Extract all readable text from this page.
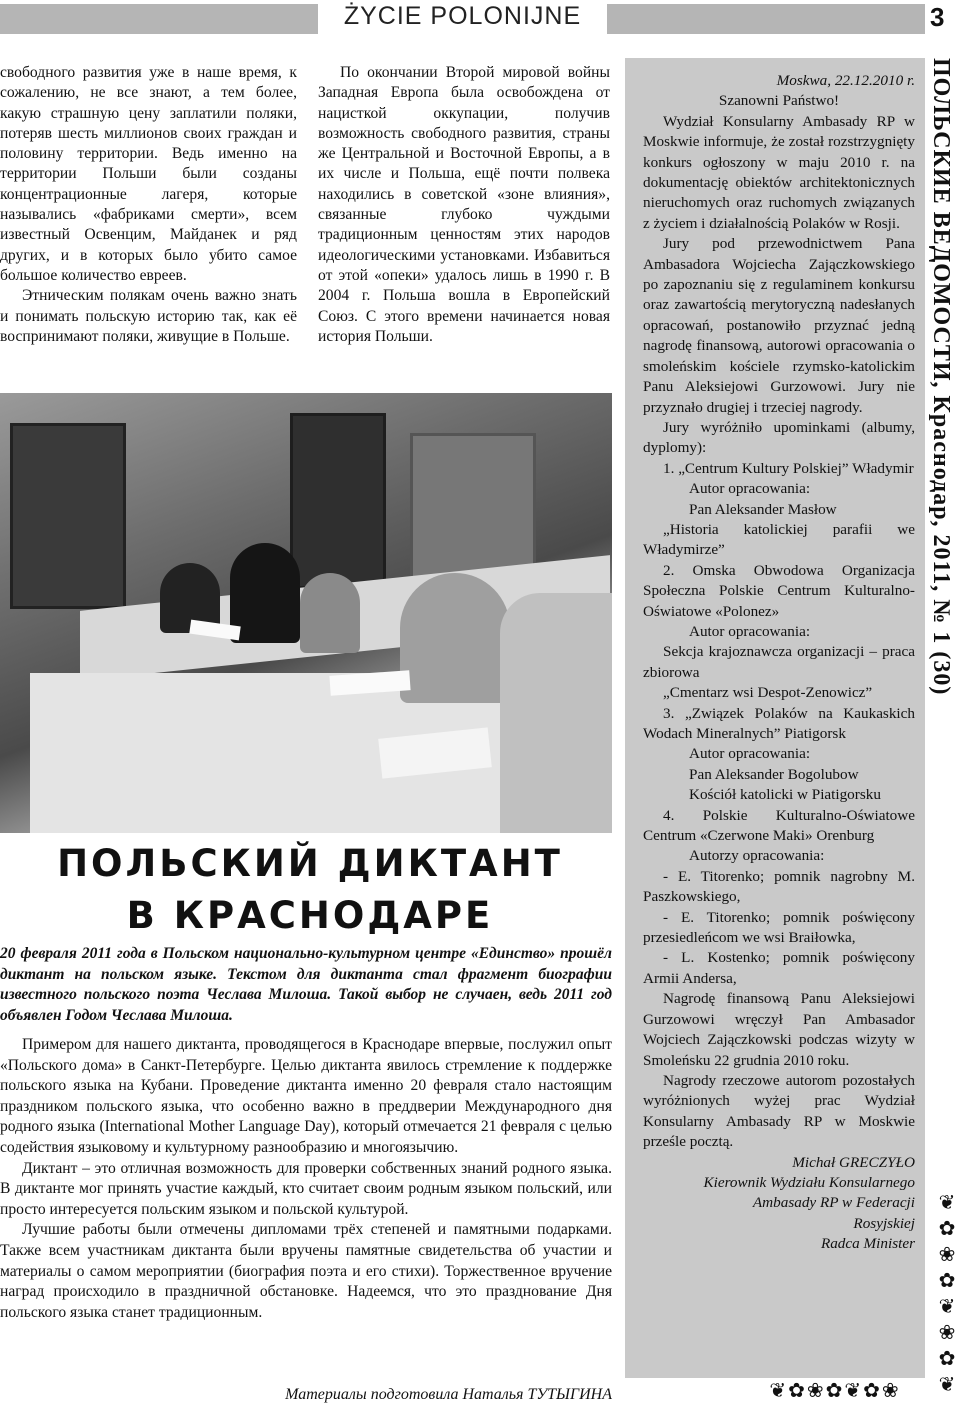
ŻYCIE POLONIJNE	3

свободного развития уже в наше время, к сожалению, не все знают, а тем более, какую страшную цену заплатили поляки, потеряв шесть миллионов своих граждан и половину территории. Ведь именно на территории Польши были созданы концентрационные лагеря, которые назывались «фабриками смерти», всем известный Освенцим, Майданек и ряд других, и в которых было убито самое большое количество евреев.

Этническим полякам очень важно знать и понимать польскую историю так, как её воспринимают поляки, живущие в Польше.

По окончании Второй мировой войны Западная Европа была освобождена от нацисткой оккупации, получив возможность свободного развития, страны же Центральной и Восточной Европы, а в их числе и Польша, ещё почти полвека находились в советской «зоне влияния», связанные глубоко чуждыми традиционным ценностям этих народов идеологическими установками. Избавиться от этой «опеки» удалось лишь в 1990 г. В 2004 г. Польша вошла в Европейский Союз. С этого времени начинается новая история Польши.

ПОЛЬСКИЙ ДИКТАНТ
В КРАСНОДАРЕ
20 февраля 2011 года в Польском национально-культурном центре «Единство» прошёл диктант на польском языке. Текстом для диктанта стал фрагмент биографии известного польского поэта Чеслава Милоша. Такой выбор не случаен, ведь 2011 год объявлен Годом Чеслава Милоша.

Примером для нашего диктанта, проводящегося в Краснодаре впервые, послужил опыт «Польского дома» в Санкт-Петербурге. Целью диктанта явилось стремление к поддержке польского языка на Кубани. Проведение диктанта именно 20 февраля стало настоящим праздником польского языка, что особенно важно в преддверии Международного дня родного языка (International Mother Language Day), который отмечается 21 февраля с целью содействия языковому и культурному разнообразию и многоязычию.

Диктант – это отличная возможность для проверки собственных знаний родного языка. В диктанте мог принять участие каждый, кто считает своим родным языком польский, или просто интересуется польским языком и польской культурой.

Лучшие работы были отмечены дипломами трёх степеней и памятными подарками. Также всем участникам диктанта были вручены памятные свидетельства об участии и материалы о самом мероприятии (биография поэта и его стихи). Торжественное вручение наград происходило в праздничной обстановке. Надеемся, что это празднование Дня польского языка станет традиционным.

Материалы подготовила Наталья ТУТЫГИНА

Moskwa, 22.12.2010 r.

Szanowni Państwo!

Wydział Konsularny Ambasady RP w Moskwie informuje, że został rozstrzygnięty konkurs ogłoszony w maju 2010 r. na dokumentację obiektów architektonicznych nieruchomych oraz ruchomych związanych z życiem i działalnością Polaków w Rosji.

Jury pod przewodnictwem Pana Ambasadora Wojciecha Zajączkowskiego po zapoznaniu się z regulaminem konkursu oraz zawartością merytoryczną nadesłanych opracowań, postanowiło przyznać jedną nagrodę finansową, autorowi opracowania o smoleńskim kościele rzymsko-katolickim Panu Aleksiejowi Gurzowowi. Jury nie przyznało drugiej i trzeciej nagrody.

Jury wyróżniło upominkami (albumy, dyplomy):

1. „Centrum Kultury Polskiej” Władymir

Autor opracowania:

Pan Aleksander Masłow

„Historia katolickiej parafii we Władymirze”

2. Omska Obwodowa Organizacja Społeczna Polskie Centrum Kulturalno-Oświatowe «Polonez»

Autor opracowania:

Sekcja krajoznawcza organizacji – praca zbiorowa

„Cmentarz wsi Despot-Zenowicz”

3. „Związek Polaków na Kaukaskich Wodach Mineralnych” Piatigorsk

Autor opracowania:

Pan Aleksander Bogolubow

Kościół katolicki w Piatigorsku

4. Polskie Kulturalno-Oświatowe Centrum «Czerwone Maki» Orenburg

Autorzy opracowania:

- E. Titorenko; pomnik nagrobny M. Paszkowskiego,

- E. Titorenko; pomnik poświęcony przesiedleńcom we wsi Braiłowka,

- L. Kostenko; pomnik poświęcony Armii Andersa,

Nagrodę finansową Panu Aleksiejowi Gurzowowi wręczył Pan Ambasador Wojciech Zajączkowski podczas wizyty w Smoleńsku 22 grudnia 2010 roku.

Nagrody rzeczowe autorom pozostałych wyróżnionych wyżej prac Wydział Konsularny Ambasady RP w Moskwie prześle pocztą.

Michał GRECZYŁO

Kierownik Wydziału Konsularnego

Ambasady RP w Federacji

Rosyjskiej

Radca Minister

❦✿❀✿❦✿❀
ПОЛЬСКИЕ ВЕДОМОСТИ, Краснодар, 2011, № 1 (30)
❦
✿
❀
✿
❦
❀
✿
❦
